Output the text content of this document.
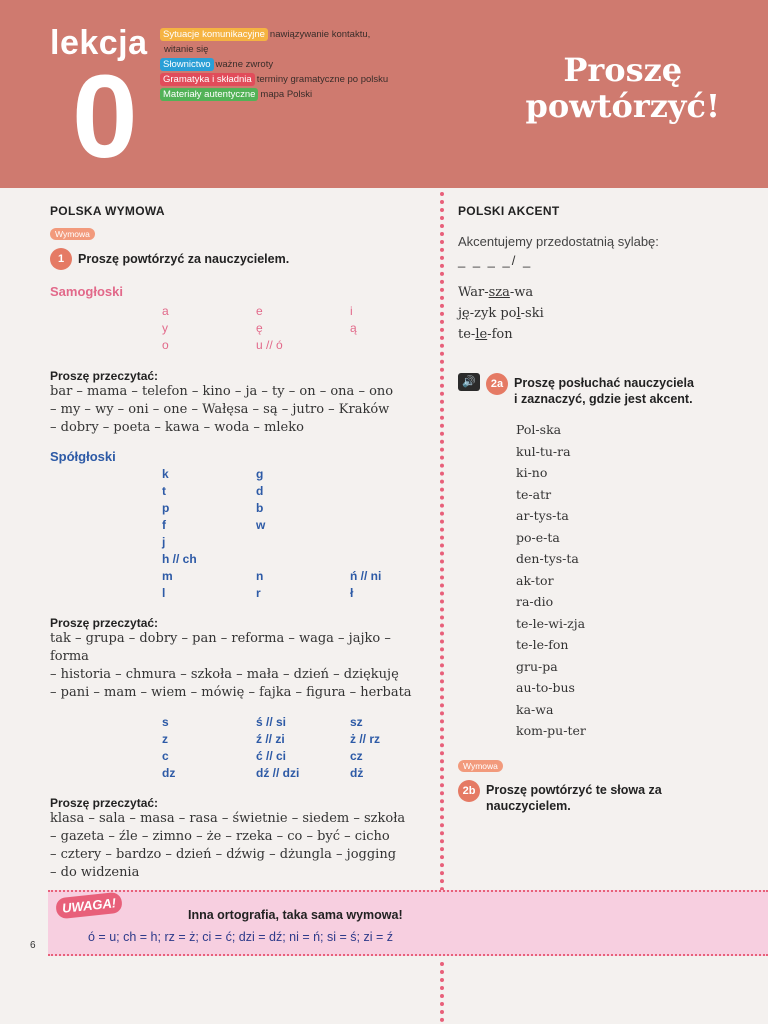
lekcja
0
Sytuacje komunikacyjne nawiązywanie kontaktu,
witanie się
Słownictwo ważne zwroty
Gramatyka i składnia terminy gramatyczne po polsku
Materiały autentyczne mapa Polski
Proszę
powtórzyć!
POLSKA WYMOWA
Wymowa
1	Proszę powtórzyć za nauczycielem.
Samogłoski
a	e	i
y	ę	ą
o	u // ó
Proszę przeczytać:
bar – mama – telefon – kino – ja – ty – on – ona – ono
– my – wy – oni – one – Wałęsa – są – jutro – Kraków
– dobry – poeta – kawa – woda – mleko
Spółgłoski
k	g
t	d
p	b
f	w
j
h // ch
m	n	ń // ni
l	r	ł
Proszę przeczytać:
tak – grupa – dobry – pan – reforma – waga – jajko – forma
– historia – chmura – szkoła – mała – dzień – dziękuję
– pani – mam – wiem – mówię – fajka – figura – herbata
s	ś // si	sz
z	ź // zi	ż // rz
c	ć // ci	cz
dz	dź // dzi	dż
Proszę przeczytać:
klasa – sala – masa – rasa – świetnie – siedem – szkoła
– gazeta – źle – zimno – że – rzeka – co – być – cicho
– cztery – bardzo – dzień – dźwig – dżungla – jogging
– do widzenia
POLSKI AKCENT
Akcentujemy przedostatnią sylabę:
_ _ _ _/ _
War-sza-wa
ję-zyk pol-ski
te-le-fon
🔊	2a Proszę posłuchać nauczyciela
i zaznaczyć, gdzie jest akcent.
Pol-ska
kul-tu-ra
ki-no
te-atr
ar-tys-ta
po-e-ta
den-tys-ta
ak-tor
ra-dio
te-le-wi-zja
te-le-fon
gru-pa
au-to-bus
ka-wa
kom-pu-ter
Wymowa
2b Proszę powtórzyć te słowa za
nauczycielem.
UWAGA!	Inna ortografia, taka sama wymowa!
ó = u; ch = h; rz = ż; ci = ć; dzi = dź; ni = ń; si = ś; zi = ź
6
